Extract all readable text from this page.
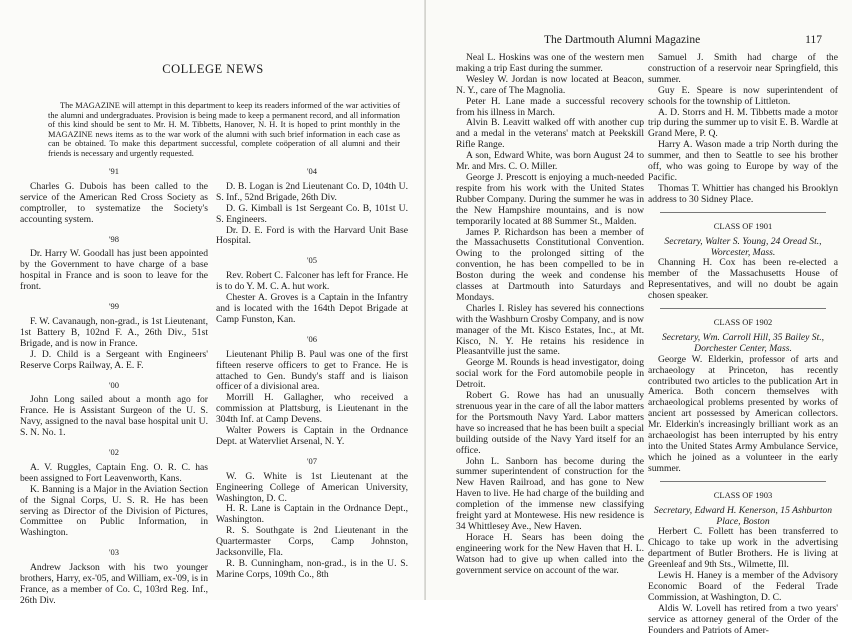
COLLEGE NEWS
The MAGAZINE will attempt in this department to keep its readers informed of the war activities of the alumni and undergraduates. Provision is being made to keep a permanent record, and all information of this kind should be sent to Mr. H. M. Tibbetts, Hanover, N. H. It is hoped to print monthly in the MAGAZINE news items as to the war work of the alumni with such brief information in each case as can be obtained. To make this department successful, complete coöperation of all alumni and their friends is necessary and urgently requested.

'91

Charles G. Dubois has been called to the service of the American Red Cross Society as comptroller, to systematize the Society's accounting system.

'98

Dr. Harry W. Goodall has just been appointed by the Government to have charge of a base hospital in France and is soon to leave for the front.

'99

F. W. Cavanaugh, non-grad., is 1st Lieutenant, 1st Battery B, 102nd F. A., 26th Div., 51st Brigade, and is now in France.

J. D. Child is a Sergeant with Engineers' Reserve Corps Railway, A. E. F.

'00

John Long sailed about a month ago for France. He is Assistant Surgeon of the U. S. Navy, assigned to the naval base hospital unit U. S. N. No. 1.

'02

A. V. Ruggles, Captain Eng. O. R. C. has been assigned to Fort Leavenworth, Kans.

K. Banning is a Major in the Aviation Section of the Signal Corps, U. S. R. He has been serving as Director of the Division of Pictures, Committee on Public Information, in Washington.

'03

Andrew Jackson with his two younger brothers, Harry, ex-'05, and William, ex-'09, is in France, as a member of Co. C, 103rd Reg. Inf., 26th Div.

'04

D. B. Logan is 2nd Lieutenant Co. D, 104th U. S. Inf., 52nd Brigade, 26th Div.

D. G. Kimball is 1st Sergeant Co. B, 101st U. S. Engineers.

Dr. D. E. Ford is with the Harvard Unit Base Hospital.

'05

Rev. Robert C. Falconer has left for France. He is to do Y. M. C. A. hut work.

Chester A. Groves is a Captain in the Infantry and is located with the 164th Depot Brigade at Camp Funston, Kan.

'06

Lieutenant Philip B. Paul was one of the first fifteen reserve officers to get to France. He is attached to Gen. Bundy's staff and is liaison officer of a divisional area.

Morrill H. Gallagher, who received a commission at Plattsburg, is Lieutenant in the 304th Inf. at Camp Devens.

Walter Powers is Captain in the Ordnance Dept. at Watervliet Arsenal, N. Y.

'07

W. G. White is 1st Lieutenant at the Engineering College of American University, Washington, D. C.

H. R. Lane is Captain in the Ordnance Dept., Washington.

R. S. Southgate is 2nd Lieutenant in the Quartermaster Corps, Camp Johnston, Jacksonville, Fla.

R. B. Cunningham, non-grad., is in the U. S. Marine Corps, 109th Co., 8th

The Dartmouth Alumni Magazine	117

Neal L. Hoskins was one of the western men making a trip East during the summer.

Wesley W. Jordan is now located at Beacon, N. Y., care of The Magnolia.

Peter H. Lane made a successful recovery from his illness in March.

Alvin B. Leavitt walked off with another cup and a medal in the veterans' match at Peekskill Rifle Range.

A son, Edward White, was born August 24 to Mr. and Mrs. C. O. Miller.

George J. Prescott is enjoying a much-needed respite from his work with the United States Rubber Company. During the summer he was in the New Hampshire mountains, and is now temporarily located at 88 Summer St., Malden.

James P. Richardson has been a member of the Massachusetts Constitutional Convention. Owing to the prolonged sitting of the convention, he has been compelled to be in Boston during the week and condense his classes at Dartmouth into Saturdays and Mondays.

Charles I. Risley has severed his connections with the Washburn Crosby Company, and is now manager of the Mt. Kisco Estates, Inc., at Mt. Kisco, N. Y. He retains his residence in Pleasantville just the same.

George M. Rounds is head investigator, doing social work for the Ford automobile people in Detroit.

Robert G. Rowe has had an unusually strenuous year in the care of all the labor matters for the Portsmouth Navy Yard. Labor matters have so increased that he has been built a special building outside of the Navy Yard itself for an office.

John L. Sanborn has become during the summer superintendent of construction for the New Haven Railroad, and has gone to New Haven to live. He had charge of the building and completion of the immense new classifying freight yard at Montewese. His new residence is 34 Whittlesey Ave., New Haven.

Horace H. Sears has been doing the engineering work for the New Haven that H. L. Watson had to give up when called into the government service on account of the war.

Samuel J. Smith had charge of the construction of a reservoir near Springfield, this summer.

Guy E. Speare is now superintendent of schools for the township of Littleton.

A. D. Storrs and H. M. Tibbetts made a motor trip during the summer up to visit E. B. Wardle at Grand Mere, P. Q.

Harry A. Wason made a trip North during the summer, and then to Seattle to see his brother off, who was going to Europe by way of the Pacific.

Thomas T. Whittier has changed his Brooklyn address to 30 Sidney Place.

CLASS OF 1901

Secretary, Walter S. Young, 24 Oread St., Worcester, Mass.

Channing H. Cox has been re-elected a member of the Massachusetts House of Representatives, and will no doubt be again chosen speaker.

CLASS OF 1902

Secretary, Wm. Carroll Hill, 35 Bailey St., Dorchester Center, Mass.

George W. Elderkin, professor of arts and archaeology at Princeton, has recently contributed two articles to the publication Art in America. Both concern themselves with archaeological problems presented by works of ancient art possessed by American collectors. Mr. Elderkin's increasingly brilliant work as an archaeologist has been interrupted by his entry into the United States Army Ambulance Service, which he joined as a volunteer in the early summer.

CLASS OF 1903

Secretary, Edward H. Kenerson, 15 Ashburton Place, Boston

Herbert C. Follett has been transferred to Chicago to take up work in the advertising department of Butler Brothers. He is living at Greenleaf and 9th Sts., Wilmette, Ill.

Lewis H. Haney is a member of the Advisory Economic Board of the Federal Trade Commission, at Washington, D. C.

Aldis W. Lovell has retired from a two years' service as attorney general of the Order of the Founders and Patriots of Amer-
